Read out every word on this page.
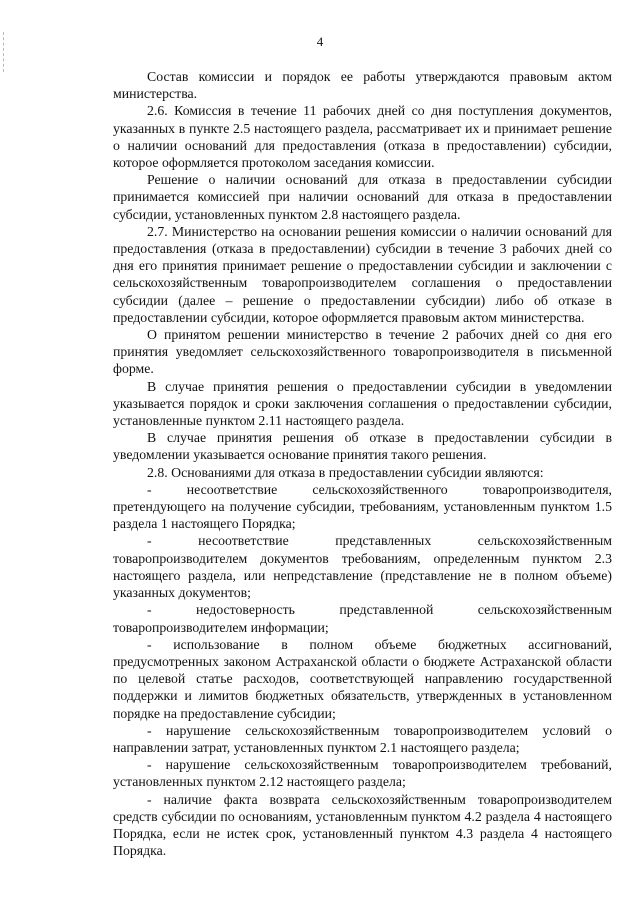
4

Состав комиссии и порядок ее работы утверждаются правовым актом министерства.

2.6. Комиссия в течение 11 рабочих дней со дня поступления документов, указанных в пункте 2.5 настоящего раздела, рассматривает их и принимает решение о наличии оснований для предоставления (отказа в предоставлении) субсидии, которое оформляется протоколом заседания комиссии.

Решение о наличии оснований для отказа в предоставлении субсидии принимается комиссией при наличии оснований для отказа в предоставлении субсидии, установленных пунктом 2.8 настоящего раздела.

2.7. Министерство на основании решения комиссии о наличии оснований для предоставления (отказа в предоставлении) субсидии в течение 3 рабочих дней со дня его принятия принимает решение о предоставлении субсидии и заключении с сельскохозяйственным товаропроизводителем соглашения о предоставлении субсидии (далее – решение о предоставлении субсидии) либо об отказе в предоставлении субсидии, которое оформляется правовым актом министерства.

О принятом решении министерство в течение 2 рабочих дней со дня его принятия уведомляет сельскохозяйственного товаропроизводителя в письменной форме.

В случае принятия решения о предоставлении субсидии в уведомлении указывается порядок и сроки заключения соглашения о предоставлении субсидии, установленные пунктом 2.11 настоящего раздела.

В случае принятия решения об отказе в предоставлении субсидии в уведомлении указывается основание принятия такого решения.

2.8. Основаниями для отказа в предоставлении субсидии являются:

- несоответствие сельскохозяйственного товаропроизводителя, претендующего на получение субсидии, требованиям, установленным пунктом 1.5 раздела 1 настоящего Порядка;

- несоответствие представленных сельскохозяйственным товаропроизводителем документов требованиям, определенным пунктом 2.3 настоящего раздела, или непредставление (представление не в полном объеме) указанных документов;

- недостоверность представленной сельскохозяйственным товаропроизводителем информации;

- использование в полном объеме бюджетных ассигнований, предусмотренных законом Астраханской области о бюджете Астраханской области по целевой статье расходов, соответствующей направлению государственной поддержки и лимитов бюджетных обязательств, утвержденных в установленном порядке на предоставление субсидии;

- нарушение сельскохозяйственным товаропроизводителем условий о направлении затрат, установленных пунктом 2.1 настоящего раздела;

- нарушение сельскохозяйственным товаропроизводителем требований, установленных пунктом 2.12 настоящего раздела;

- наличие факта возврата сельскохозяйственным товаропроизводителем средств субсидии по основаниям, установленным пунктом 4.2 раздела 4 настоящего Порядка, если не истек срок, установленный пунктом 4.3 раздела 4 настоящего Порядка.
